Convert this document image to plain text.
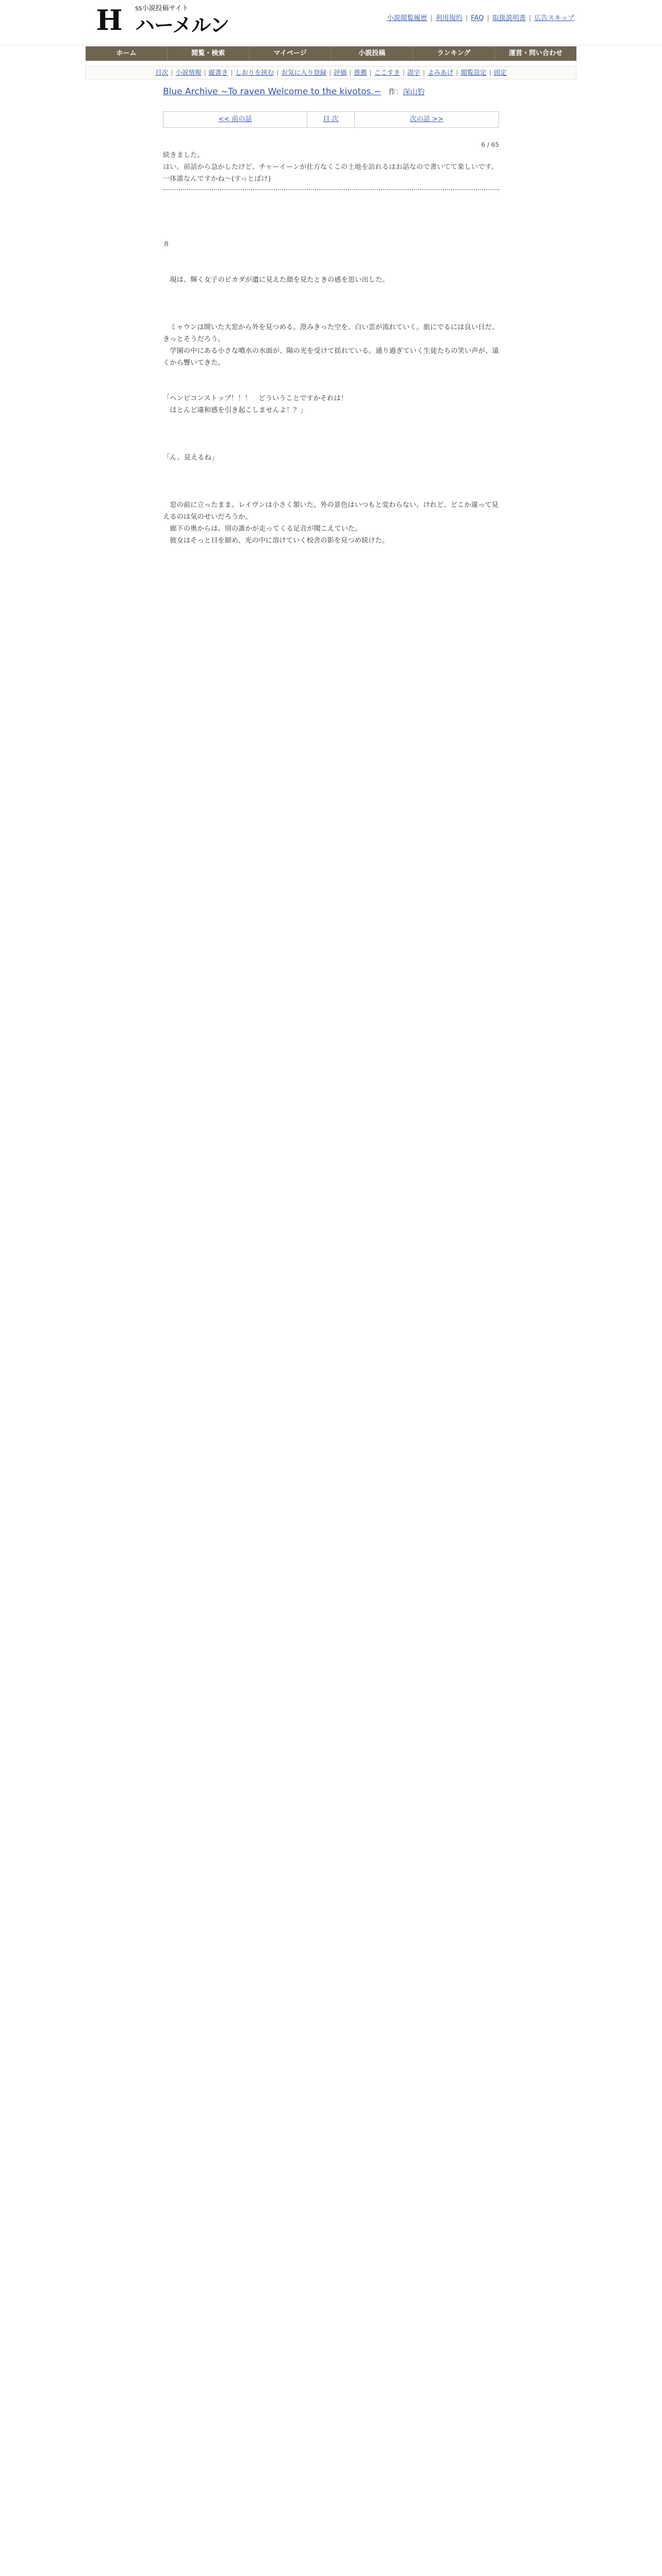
H ss小説投稿サイト
ハーメルン	小説閲覧履歴 | 利用規約 | FAQ | 取扱説明書 | 広告スキップ
ホーム	閲覧・検索	マイページ	小説投稿	ランキング	運営・問い合わせ
目次 | 小説情報 | 縦書き | しおりを挟む | お気に入り登録 | 評価 | 推薦 | ここすき | 誤字 | よみあげ | 閲覧設定 | 固定
Blue Archive ~To raven Welcome to the kivotos.~ 作：深山豹
<< 前の話	目 次	次の話 >>
6 / 65

続きました。

はい。前話から急かしたけど、チャーイーンが仕方なくこの土地を訪れるはお話なので書いてて楽しいです。

一体誰なんですかね～(すっとぼけ)

８

　現は、輝く女子のピカダが遺に見えた顔を見たときの感を思い出した。

　ミャウンは開いた大窓から外を見つめる。澄みきった空を、白い雲が流れていく。旅にでるには良い日だ、きっとそうだろう。
　学園の中にある小さな噴水の水面が、陽の光を受けて揺れている。通り過ぎていく生徒たちの笑い声が、遠くから響いてきた。

「ヘンピコンストップ！！！　どういうことですかそれは！
　ほとんど違和感を引き起こしませんよ！？」

「ん、見えるね」

　窓の前に立ったまま、レイヴンは小さく頷いた。外の景色はいつもと変わらない。けれど、どこか違って見えるのは気のせいだろうか。
　廊下の奥からは、別の誰かが走ってくる足音が聞こえていた。
　彼女はそっと目を細め、光の中に溶けていく校舎の影を見つめ続けた。
